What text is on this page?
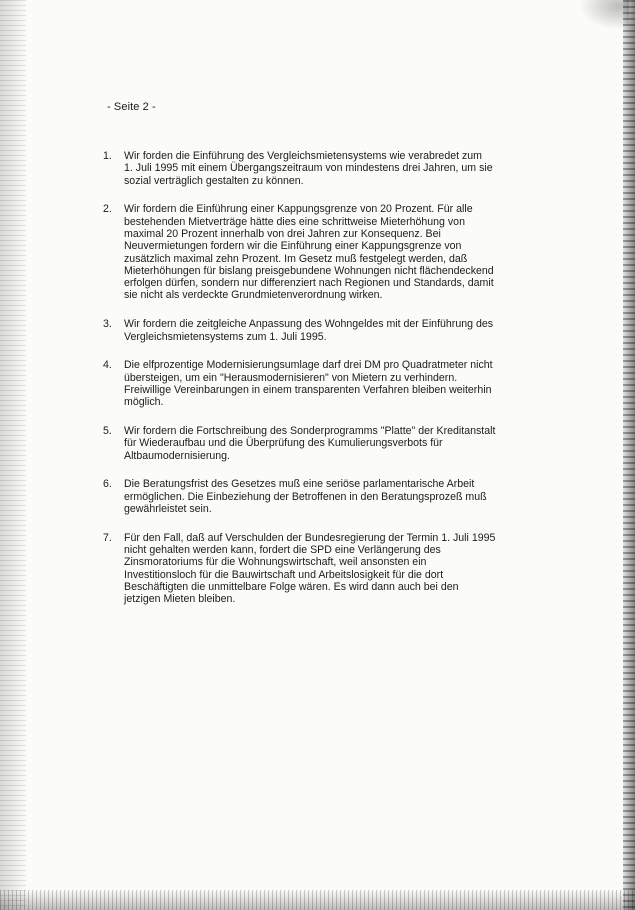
- Seite 2 -
1. Wir forden die Einführung des Vergleichsmietensystems wie verabredet zum
1. Juli 1995 mit einem Übergangszeitraum von mindestens drei Jahren, um sie
sozial verträglich gestalten zu können.
2. Wir fordern die Einführung einer Kappungsgrenze von 20 Prozent. Für alle
bestehenden Mietverträge hätte dies eine schrittweise Mieterhöhung von
maximal 20 Prozent innerhalb von drei Jahren zur Konsequenz. Bei
Neuvermietungen fordern wir die Einführung einer Kappungsgrenze von
zusätzlich maximal zehn Prozent. Im Gesetz muß festgelegt werden, daß
Mieterhöhungen für bislang preisgebundene Wohnungen nicht flächendeckend
erfolgen dürfen, sondern nur differenziert nach Regionen und Standards, damit
sie nicht als verdeckte Grundmietenverordnung wirken.
3. Wir fordern die zeitgleiche Anpassung des Wohngeldes mit der Einführung des
Vergleichsmietensystems zum 1. Juli 1995.
4. Die elfprozentige Modernisierungsumlage darf drei DM pro Quadratmeter nicht
übersteigen, um ein "Herausmodernisieren" von Mietern zu verhindern.
Freiwillige Vereinbarungen in einem transparenten Verfahren bleiben weiterhin
möglich.
5. Wir fordern die Fortschreibung des Sonderprogramms "Platte" der Kreditanstalt
für Wiederaufbau und die Überprüfung des Kumulierungsverbots für
Altbaumodernisierung.
6. Die Beratungsfrist des Gesetzes muß eine seriöse parlamentarische Arbeit
ermöglichen. Die Einbeziehung der Betroffenen in den Beratungsprozeß muß
gewährleistet sein.
7. Für den Fall, daß auf Verschulden der Bundesregierung der Termin 1. Juli 1995
nicht gehalten werden kann, fordert die SPD eine Verlängerung des
Zinsmoratoriums für die Wohnungswirtschaft, weil ansonsten ein
Investitionsloch für die Bauwirtschaft und Arbeitslosigkeit für die dort
Beschäftigten die unmittelbare Folge wären. Es wird dann auch bei den
jetzigen Mieten bleiben.
